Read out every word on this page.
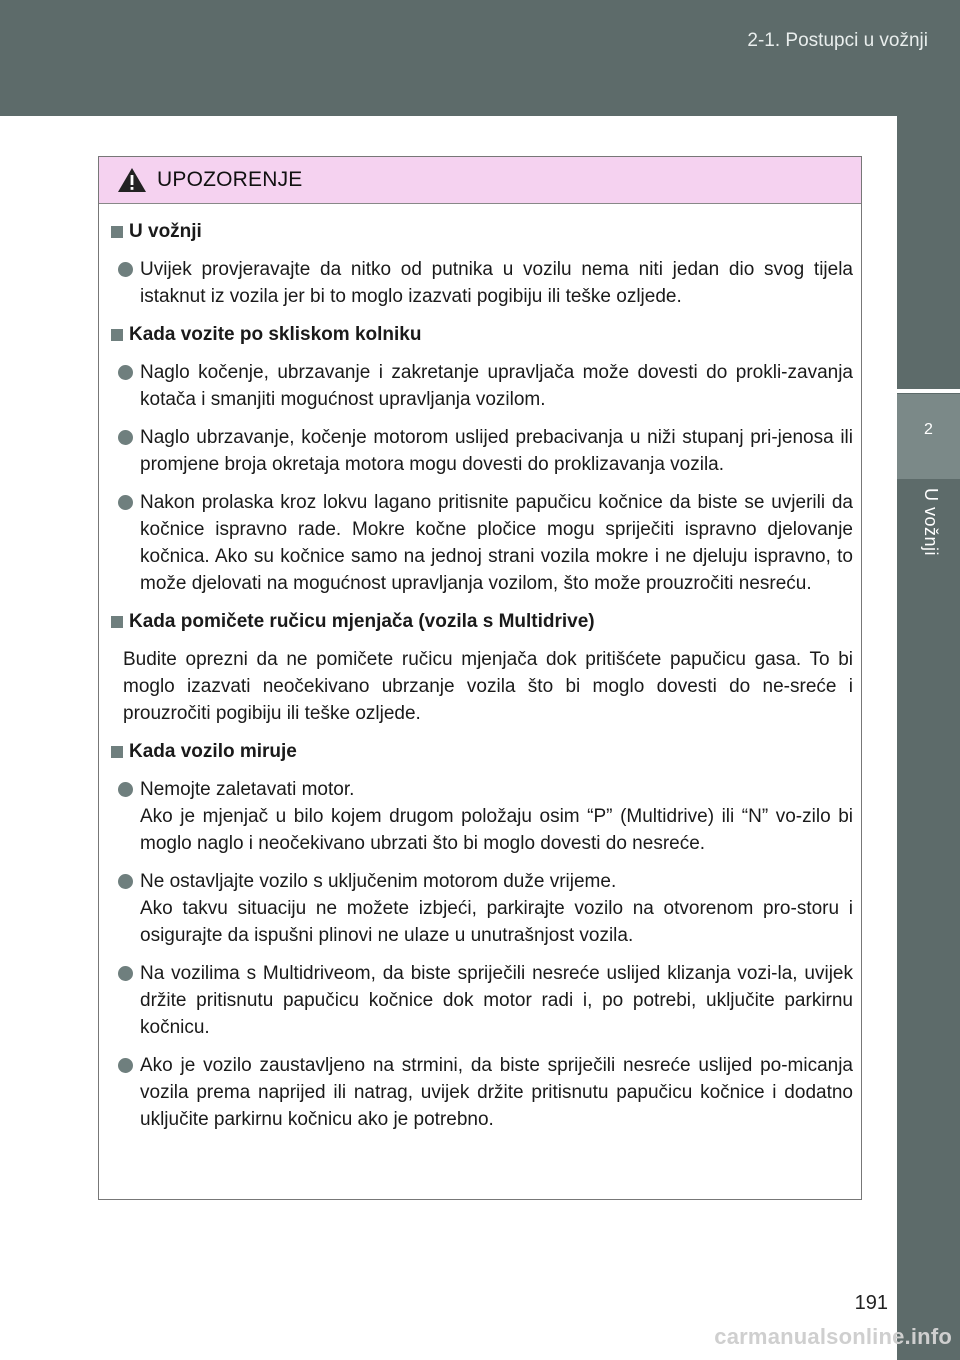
2-1. Postupci u vožnji
2
U vožnji
UPOZORENJE
U vožnji

Uvijek provjeravajte da nitko od putnika u vozilu nema niti jedan dio svog tijela istaknut iz vozila jer bi to moglo izazvati pogibiju ili teške ozljede.

Kada vozite po skliskom kolniku

Naglo kočenje, ubrzavanje i zakretanje upravljača može dovesti do prokli-zavanja kotača i smanjiti mogućnost upravljanja vozilom.

Naglo ubrzavanje, kočenje motorom uslijed prebacivanja u niži stupanj pri-jenosa ili promjene broja okretaja motora mogu dovesti do proklizavanja vozila.

Nakon prolaska kroz lokvu lagano pritisnite papučicu kočnice da biste se uvjerili da kočnice ispravno rade. Mokre kočne pločice mogu spriječiti ispravno djelovanje kočnica. Ako su kočnice samo na jednoj strani vozila mokre i ne djeluju ispravno, to može djelovati na mogućnost upravljanja vozilom, što može prouzročiti nesreću.

Kada pomičete ručicu mjenjača (vozila s Multidrive)

Budite oprezni da ne pomičete ručicu mjenjača dok pritišćete papučicu gasa. To bi moglo izazvati neočekivano ubrzanje vozila što bi moglo dovesti do ne-sreće i prouzročiti pogibiju ili teške ozljede.

Kada vozilo miruje

Nemojte zaletavati motor.

Ako je mjenjač u bilo kojem drugom položaju osim “P” (Multidrive) ili “N” vo-zilo bi moglo naglo i neočekivano ubrzati što bi moglo dovesti do nesreće.

Ne ostavljajte vozilo s uključenim motorom duže vrijeme.

Ako takvu situaciju ne možete izbjeći, parkirajte vozilo na otvorenom pro-storu i osigurajte da ispušni plinovi ne ulaze u unutrašnjost vozila.

Na vozilima s Multidriveom, da biste spriječili nesreće uslijed klizanja vozi-la, uvijek držite pritisnutu papučicu kočnice dok motor radi i, po potrebi, uključite parkirnu kočnicu.

Ako je vozilo zaustavljeno na strmini, da biste spriječili nesreće uslijed po-micanja vozila prema naprijed ili natrag, uvijek držite pritisnutu papučicu kočnice i dodatno uključite parkirnu kočnicu ako je potrebno.

191
carmanualsonline.info
